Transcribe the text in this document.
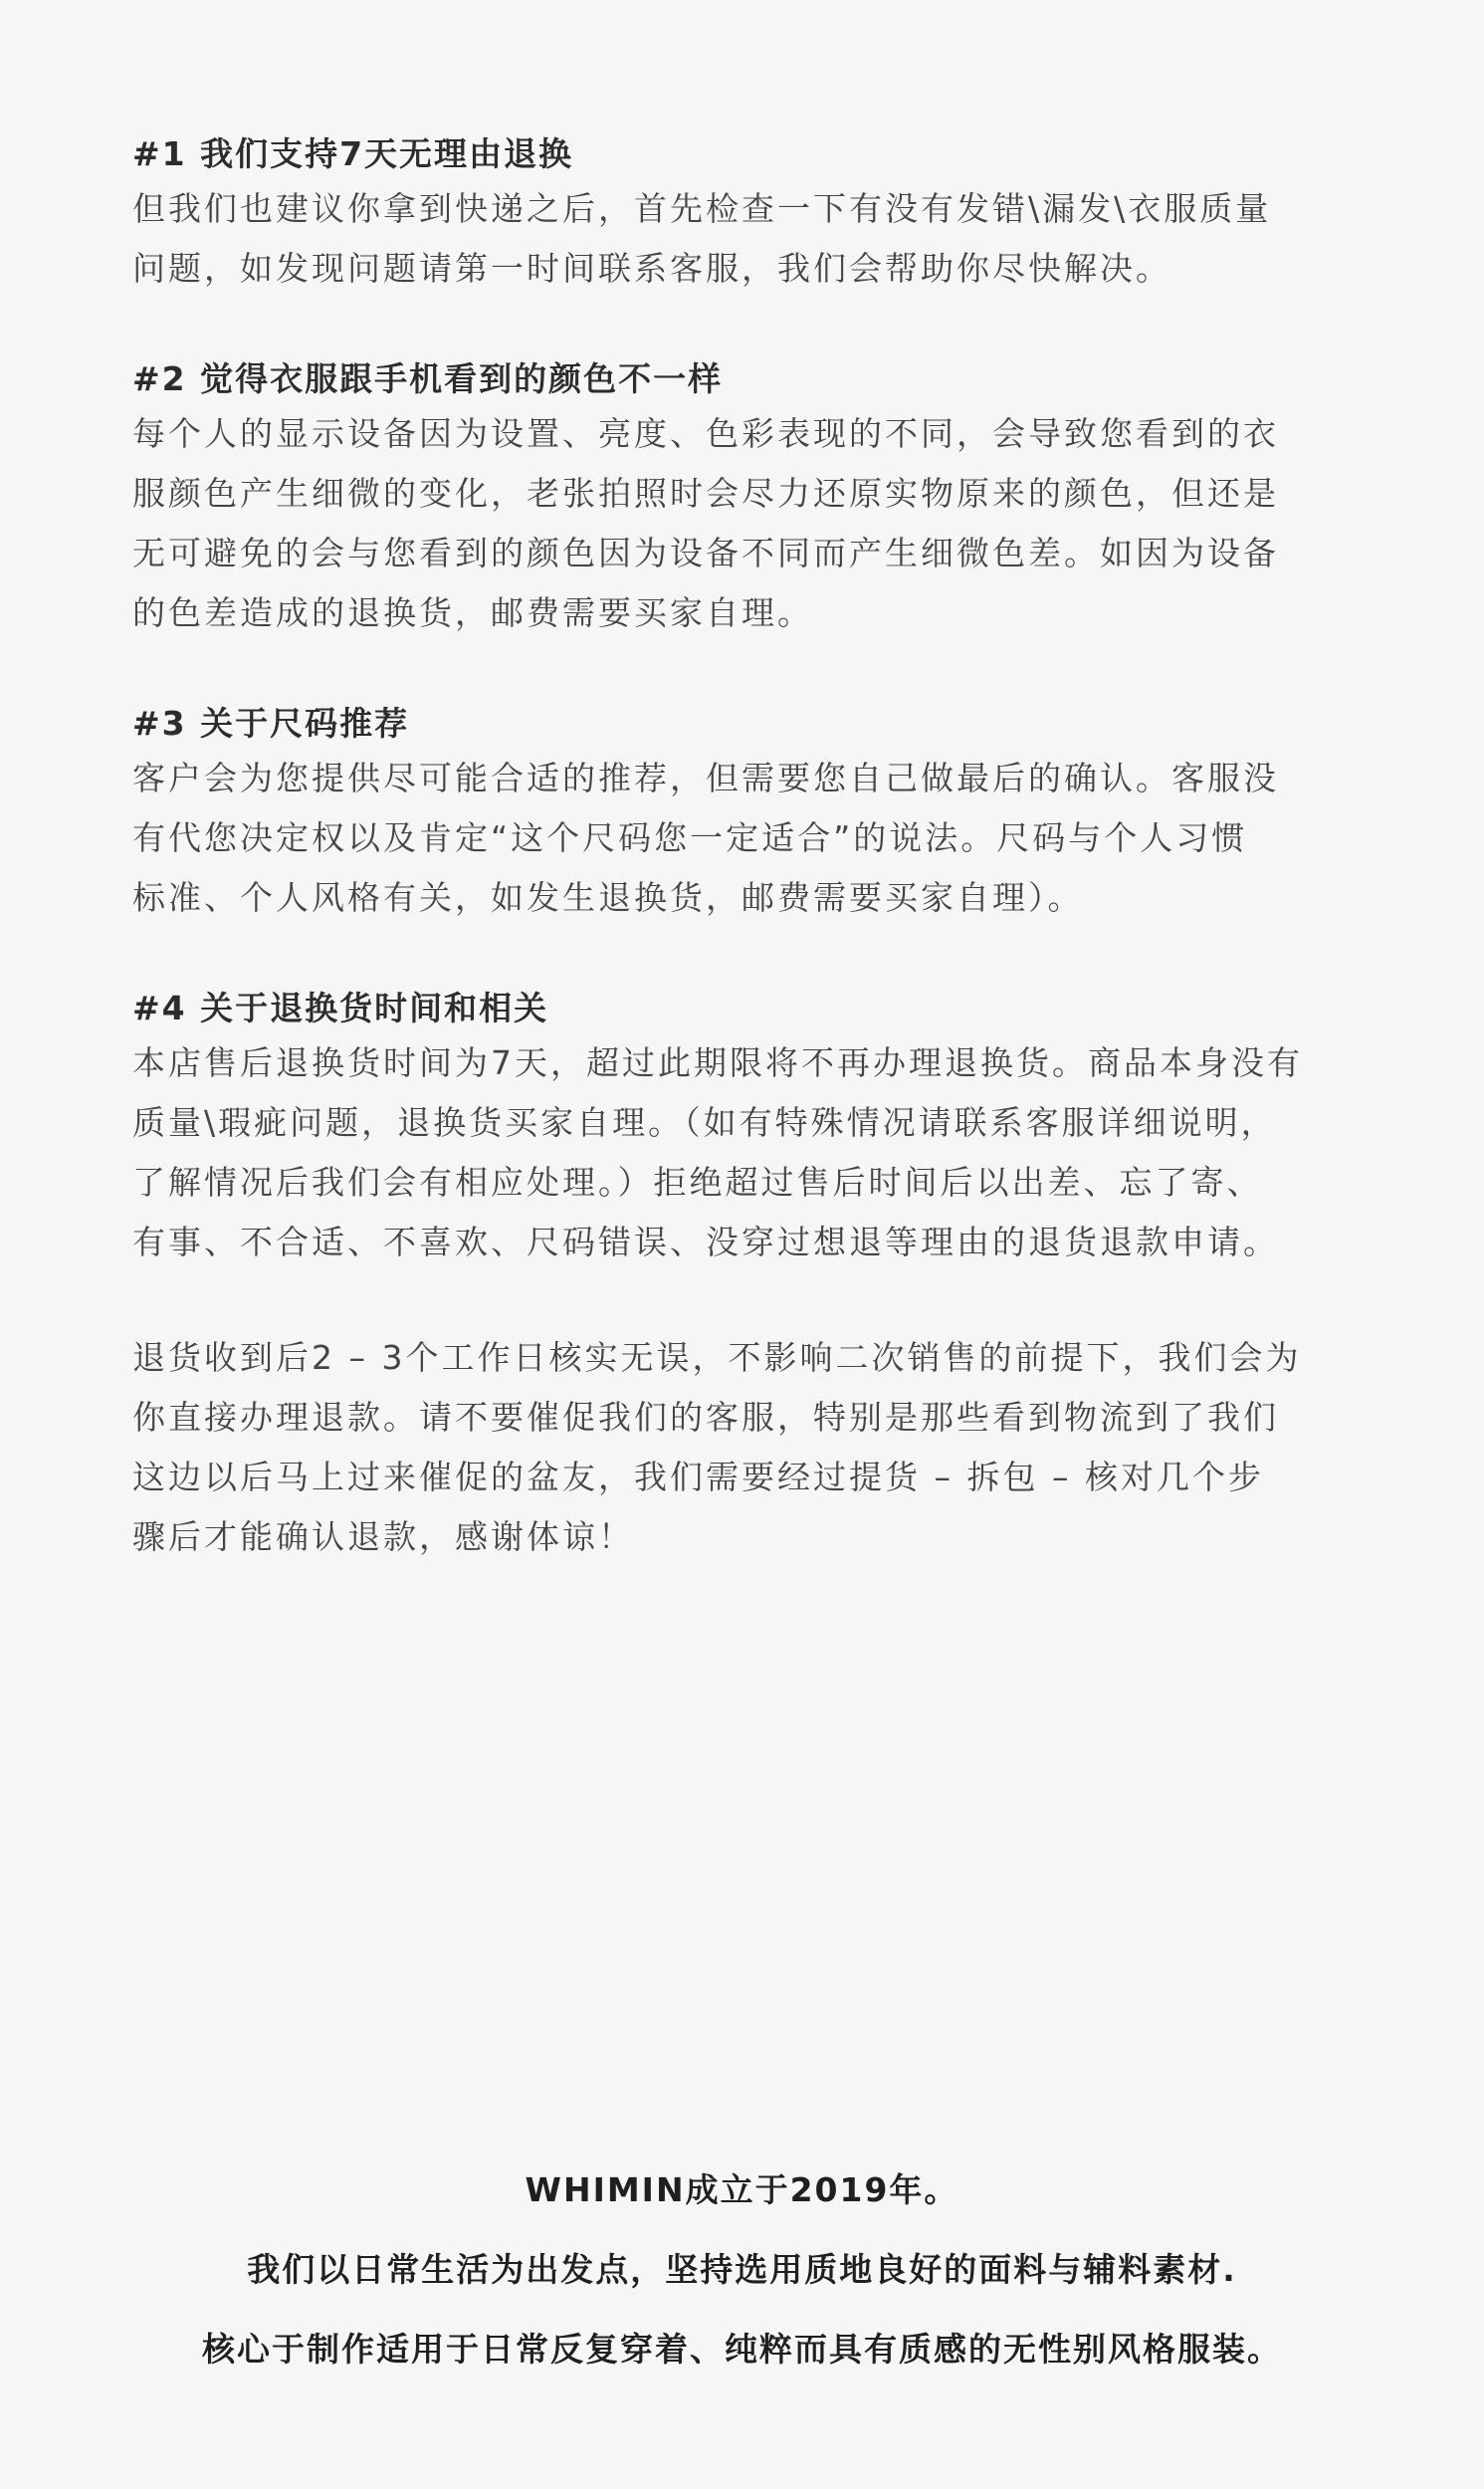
#1 我们支持7天无理由退换

但我们也建议你拿到快递之后，首先检查一下有没有发错\漏发\衣服质量

问题，如发现问题请第一时间联系客服，我们会帮助你尽快解决。

#2 觉得衣服跟手机看到的颜色不一样

每个人的显示设备因为设置、亮度、色彩表现的不同，会导致您看到的衣

服颜色产生细微的变化，老张拍照时会尽力还原实物原来的颜色，但还是

无可避免的会与您看到的颜色因为设备不同而产生细微色差。如因为设备

的色差造成的退换货，邮费需要买家自理。

#3 关于尺码推荐

客户会为您提供尽可能合适的推荐，但需要您自己做最后的确认。客服没

有代您决定权以及肯定“这个尺码您一定适合”的说法。尺码与个人习惯

标准、个人风格有关，如发生退换货，邮费需要买家自理）。

#4 关于退换货时间和相关

本店售后退换货时间为7天，超过此期限将不再办理退换货。商品本身没有

质量\瑕疵问题，退换货买家自理。（如有特殊情况请联系客服详细说明，

了解情况后我们会有相应处理。）拒绝超过售后时间后以出差、忘了寄、

有事、不合适、不喜欢、尺码错误、没穿过想退等理由的退货退款申请。

退货收到后2 – 3个工作日核实无误，不影响二次销售的前提下，我们会为

你直接办理退款。请不要催促我们的客服，特别是那些看到物流到了我们

这边以后马上过来催促的盆友，我们需要经过提货 – 拆包 – 核对几个步

骤后才能确认退款，感谢体谅！

WHIMIN成立于2019年。

我们以日常生活为出发点，坚持选用质地良好的面料与辅料素材.

核心于制作适用于日常反复穿着、纯粹而具有质感的无性别风格服装。
